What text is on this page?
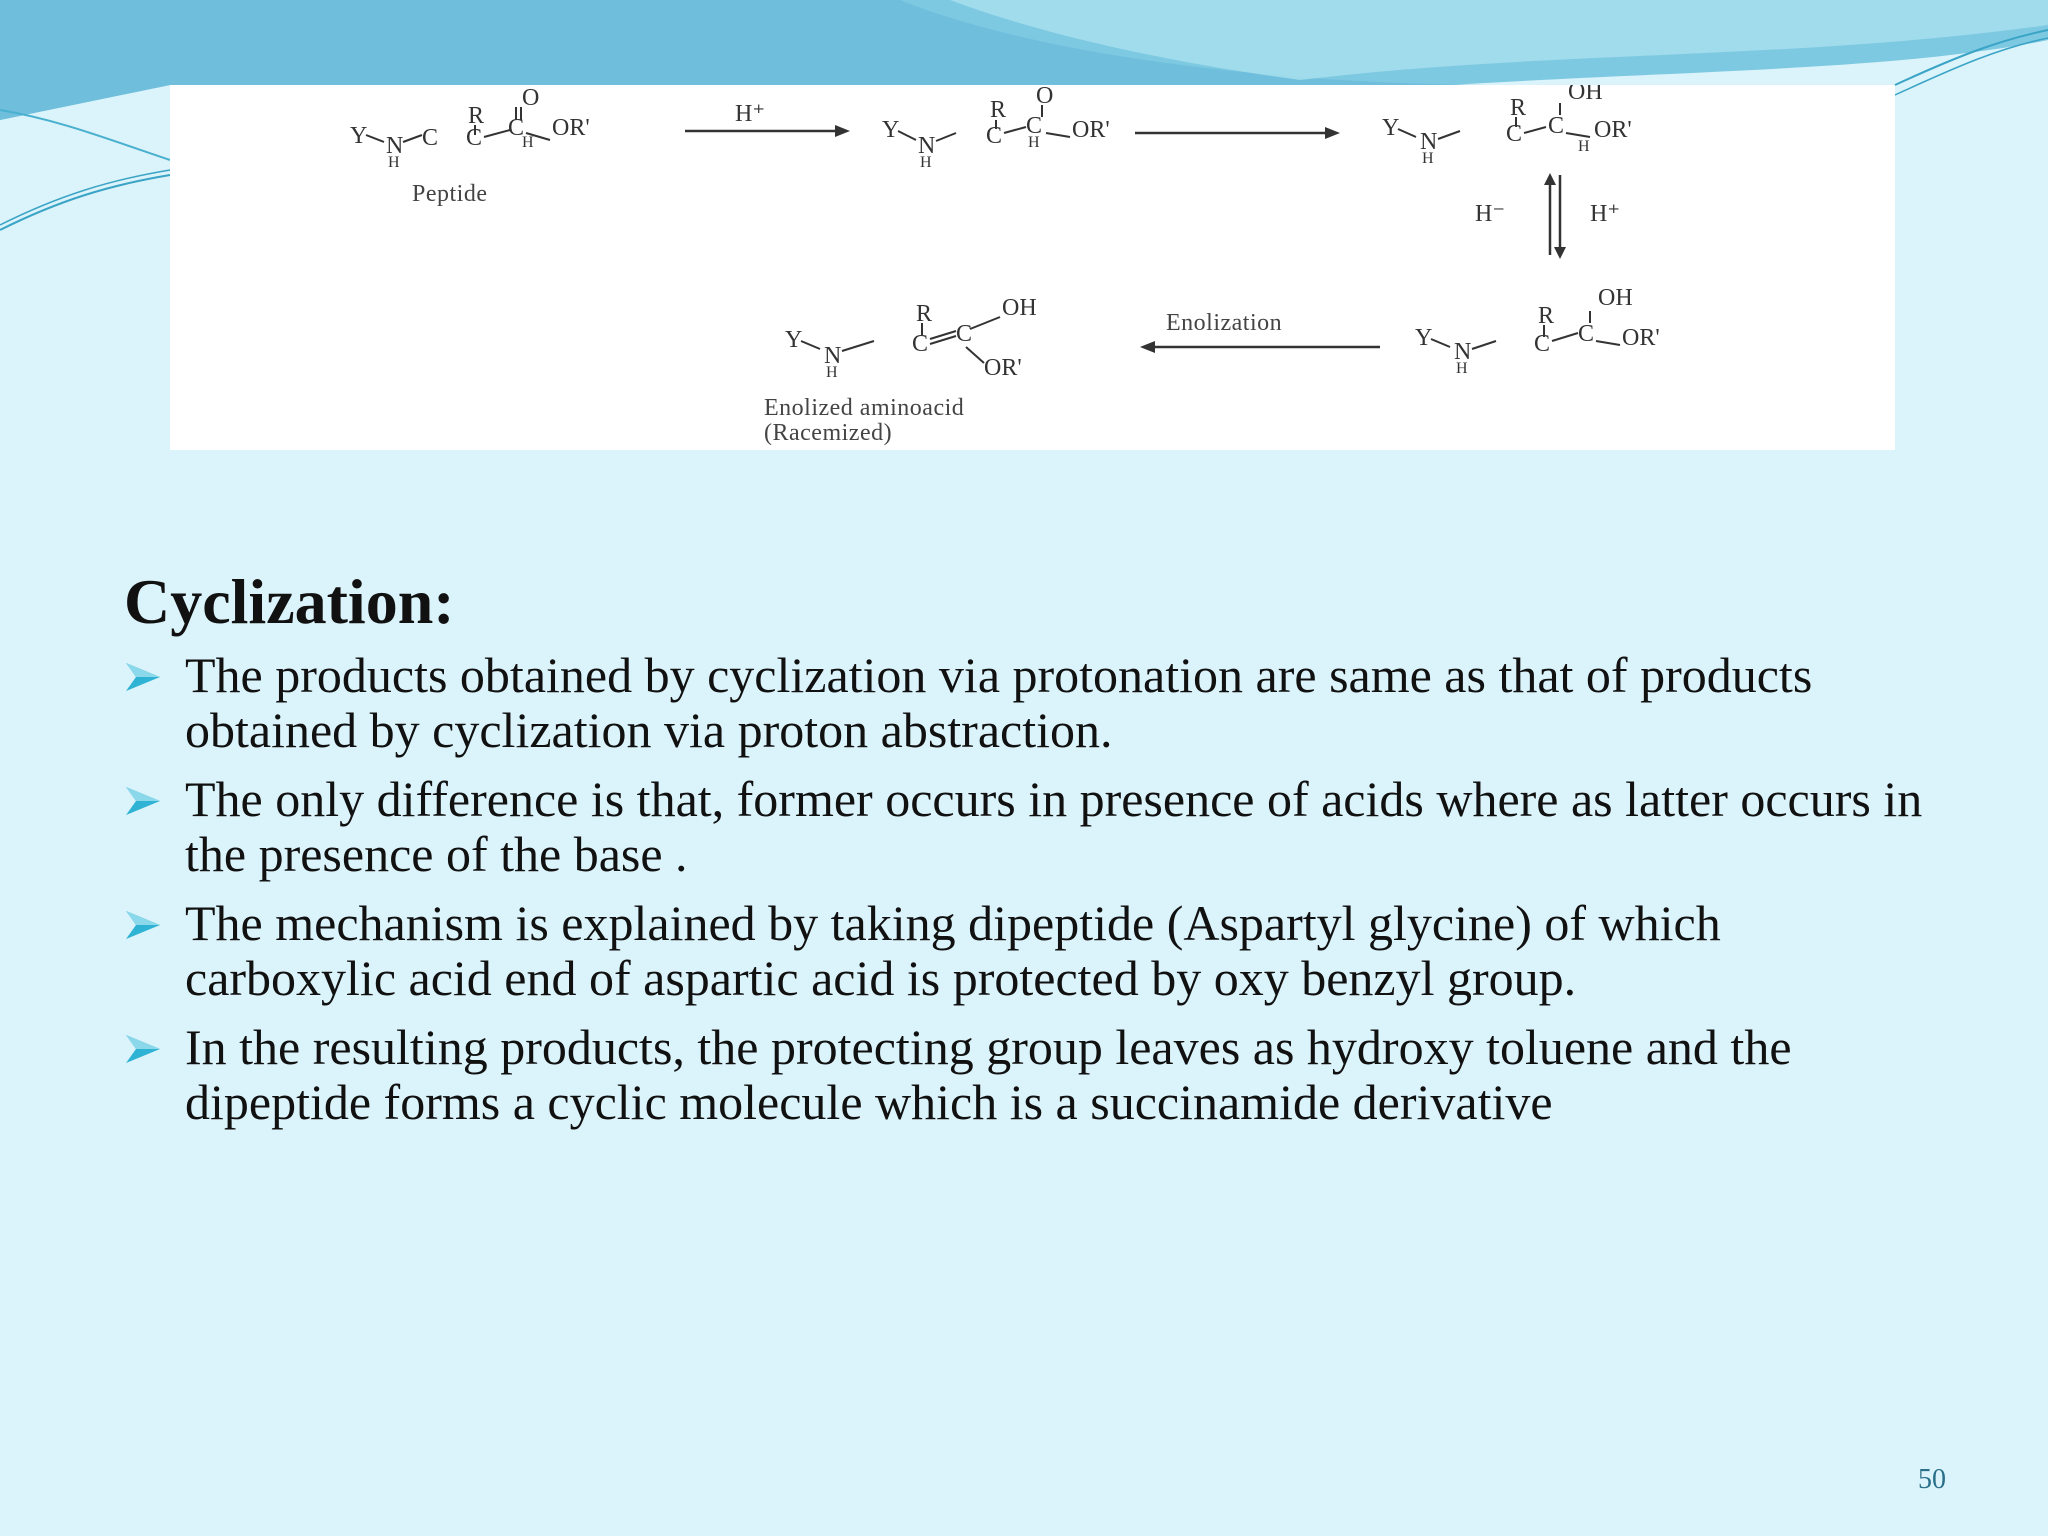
Y N
H
C
R
C H
C
O
OR'
Peptide
H⁺
Y
N
H
R
C H
C
O
OR'	Y
N
H
R
C	H
C
OH
OR'
H⁻	H⁺
Y
N
H
R
C C
OH
OR'
Enolization
Y
N
H
R
C C
OH
OR'
Enolized aminoacid
(Racemized)
Cyclization:
The products obtained by cyclization via protonation are same as that of products obtained by cyclization via proton abstraction.
The only difference is that, former occurs in presence of acids where as latter occurs in the presence of the base .
The mechanism is explained by taking dipeptide (Aspartyl glycine) of which carboxylic acid end of aspartic acid is protected by oxy benzyl group.
In the resulting products, the protecting group leaves as hydroxy toluene and the dipeptide forms a cyclic molecule which is a succinamide derivative
50
